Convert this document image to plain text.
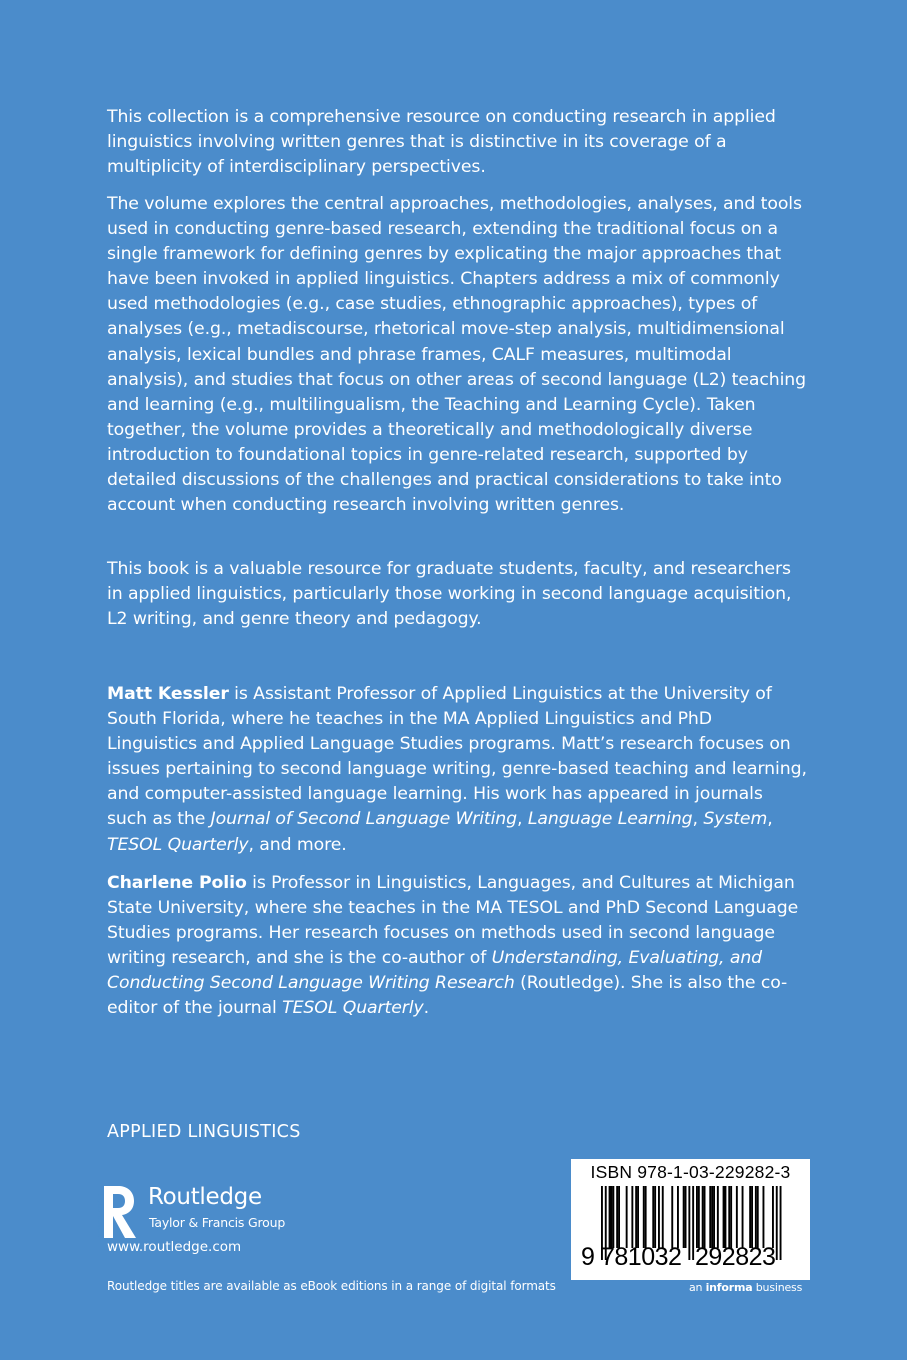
This collection is a comprehensive resource on conducting research in applied linguistics involving written genres that is distinctive in its coverage of a multiplicity of interdisciplinary perspectives.

The volume explores the central approaches, methodologies, analyses, and tools used in conducting genre-based research, extending the traditional focus on a single framework for defining genres by explicating the major approaches that have been invoked in applied linguistics. Chapters address a mix of commonly used methodologies (e.g., case studies, ethnographic approaches), types of analyses (e.g., metadiscourse, rhetorical move-step analysis, multidimensional analysis, lexical bundles and phrase frames, CALF measures, multimodal analysis), and studies that focus on other areas of second language (L2) teaching and learning (e.g., multilingualism, the Teaching and Learning Cycle). Taken together, the volume provides a theoretically and methodologically diverse introduction to foundational topics in genre-related research, supported by detailed discussions of the challenges and practical considerations to take into account when conducting research involving written genres.

This book is a valuable resource for graduate students, faculty, and researchers in applied linguistics, particularly those working in second language acquisition, L2 writing, and genre theory and pedagogy.

Matt Kessler is Assistant Professor of Applied Linguistics at the University of South Florida, where he teaches in the MA Applied Linguistics and PhD Linguistics and Applied Language Studies programs. Matt’s research focuses on issues pertaining to second language writing, genre-based teaching and learning, and computer-assisted language learning. His work has appeared in journals such as the Journal of Second Language Writing, Language Learning, System, TESOL Quarterly, and more.

Charlene Polio is Professor in Linguistics, Languages, and Cultures at Michigan State University, where she teaches in the MA TESOL and PhD Second Language Studies programs. Her research focuses on methods used in second language writing research, and she is the co-author of Understanding, Evaluating, and Conducting Second Language Writing Research (Routledge). She is also the co-editor of the journal TESOL Quarterly.

APPLIED LINGUISTICS
ROUTLEDGE Routledge
Taylor & Francis Group
www.routledge.com
Routledge titles are available as eBook editions in a range of digital formats
ISBN 978-1-03-229282-3
9 781032 292823
an informa business
